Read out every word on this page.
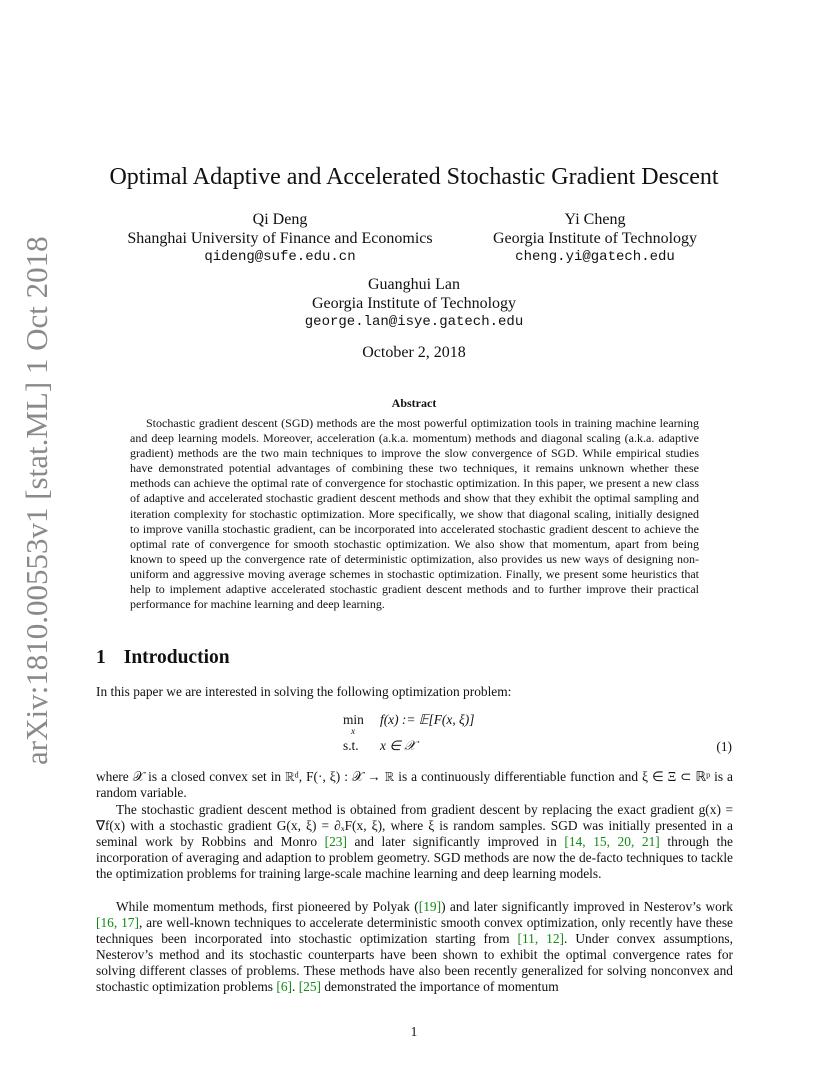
arXiv:1810.00553v1 [stat.ML] 1 Oct 2018
Optimal Adaptive and Accelerated Stochastic Gradient Descent
Qi Deng
Shanghai University of Finance and Economics
qideng@sufe.edu.cn
Yi Cheng
Georgia Institute of Technology
cheng.yi@gatech.edu
Guanghui Lan
Georgia Institute of Technology
george.lan@isye.gatech.edu
October 2, 2018
Abstract

Stochastic gradient descent (SGD) methods are the most powerful optimization tools in training machine learning and deep learning models. Moreover, acceleration (a.k.a. momentum) methods and diagonal scaling (a.k.a. adaptive gradient) methods are the two main techniques to improve the slow convergence of SGD. While empirical studies have demonstrated potential advantages of combining these two techniques, it remains unknown whether these methods can achieve the optimal rate of convergence for stochastic optimization. In this paper, we present a new class of adaptive and accelerated stochastic gradient descent methods and show that they exhibit the optimal sampling and iteration complexity for stochastic optimization. More specifically, we show that diagonal scaling, initially designed to improve vanilla stochastic gradient, can be incorporated into accelerated stochastic gradient descent to achieve the optimal rate of convergence for smooth stochastic optimization. We also show that momentum, apart from being known to speed up the convergence rate of deterministic optimization, also provides us new ways of designing non-uniform and aggressive moving average schemes in stochastic optimization. Finally, we present some heuristics that help to implement adaptive accelerated stochastic gradient descent methods and to further improve their practical performance for machine learning and deep learning.

1 Introduction

In this paper we are interested in solving the following optimization problem:

min
x
f(x) := 𝔼[F(x, ξ)]
s.t. x ∈ 𝒳	(1)

where 𝒳 is a closed convex set in ℝᵈ, F(·, ξ) : 𝒳 → ℝ is a continuously differentiable function and ξ ∈ Ξ ⊂ ℝᵖ is a random variable.

The stochastic gradient descent method is obtained from gradient descent by replacing the exact gradient g(x) = ∇f(x) with a stochastic gradient G(x, ξ) = ∂ₓF(x, ξ), where ξ is random samples. SGD was initially presented in a seminal work by Robbins and Monro [23] and later significantly improved in [14, 15, 20, 21] through the incorporation of averaging and adaption to problem geometry. SGD methods are now the de-facto techniques to tackle the optimization problems for training large-scale machine learning and deep learning models.

While momentum methods, first pioneered by Polyak ([19]) and later significantly improved in Nesterov’s work [16, 17], are well-known techniques to accelerate deterministic smooth convex optimization, only recently have these techniques been incorporated into stochastic optimization starting from [11, 12]. Under convex assumptions, Nesterov’s method and its stochastic counterparts have been shown to exhibit the optimal convergence rates for solving different classes of problems. These methods have also been recently generalized for solving nonconvex and stochastic optimization problems [6]. [25] demonstrated the importance of momentum

1
